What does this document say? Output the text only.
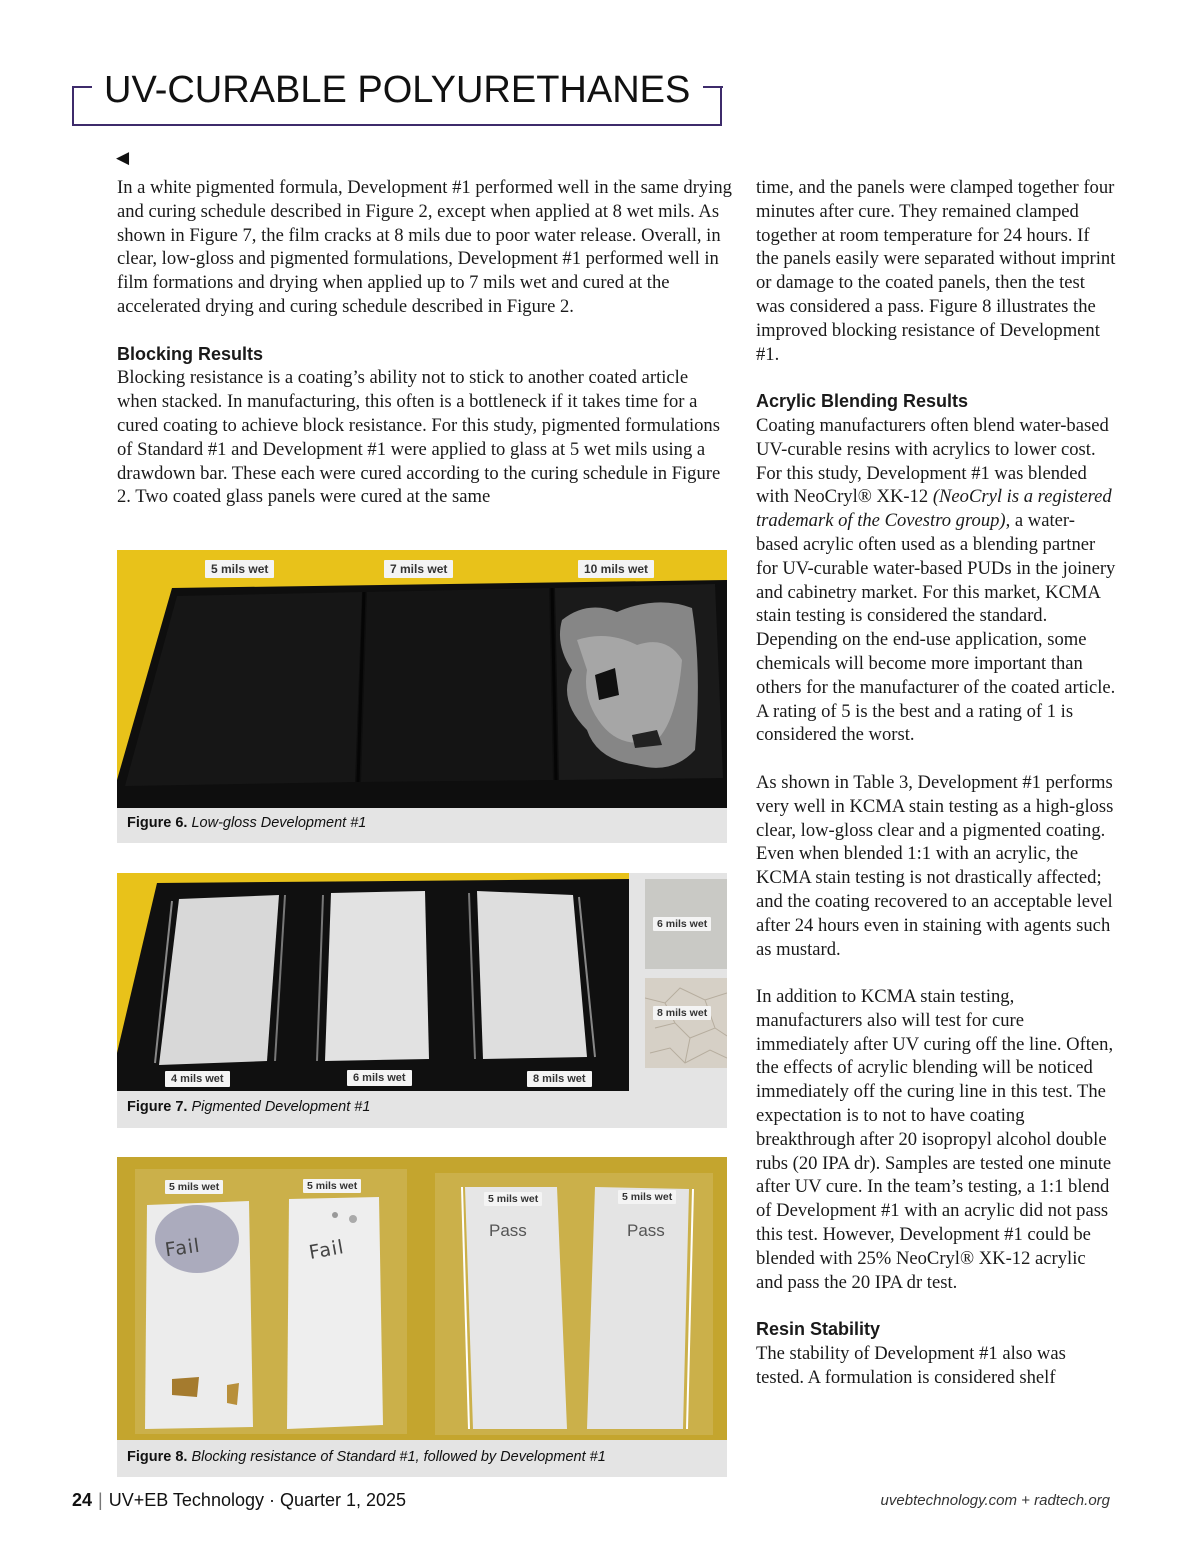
UV-CURABLE POLYURETHANES
◀

In a white pigmented formula, Development #1 performed well in the same drying and curing schedule described in Figure 2, except when applied at 8 wet mils. As shown in Figure 7, the film cracks at 8 mils due to poor water release. Overall, in clear, low-gloss and pigmented formulations, Development #1 performed well in film formations and drying when applied up to 7 mils wet and cured at the accelerated drying and curing schedule described in Figure 2.

Blocking Results

Blocking resistance is a coating’s ability not to stick to another coated article when stacked. In manufacturing, this often is a bottleneck if it takes time for a cured coating to achieve block resistance. For this study, pigmented formulations of Standard #1 and Development #1 were applied to glass at 5 wet mils using a drawdown bar. These each were cured according to the curing schedule in Figure 2. Two coated glass panels were cured at the same

time, and the panels were clamped together four minutes after cure. They remained clamped together at room temperature for 24 hours. If the panels easily were separated without imprint or damage to the coated panels, then the test was considered a pass. Figure 8 illustrates the improved blocking resistance of Development #1.

Acrylic Blending Results

Coating manufacturers often blend water-based UV-curable resins with acrylics to lower cost. For this study, Development #1 was blended with NeoCryl® XK-12 (NeoCryl is a registered trademark of the Covestro group), a water-based acrylic often used as a blending partner for UV-curable water-based PUDs in the joinery and cabinetry market. For this market, KCMA stain testing is considered the standard. Depending on the end-use application, some chemicals will become more important than others for the manufacturer of the coated article. A rating of 5 is the best and a rating of 1 is considered the worst.

As shown in Table 3, Development #1 performs very well in KCMA stain testing as a high-gloss clear, low-gloss clear and a pigmented coating. Even when blended 1:1 with an acrylic, the KCMA stain testing is not drastically affected; and the coating recovered to an acceptable level after 24 hours even in staining with agents such as mustard.

In addition to KCMA stain testing, manufacturers also will test for cure immediately after UV curing off the line. Often, the effects of acrylic blending will be noticed immediately off the curing line in this test. The expectation is to not to have coating breakthrough after 20 isopropyl alcohol double rubs (20 IPA dr). Samples are tested one minute after UV cure. In the team’s testing, a 1:1 blend of Development #1 with an acrylic did not pass this test. However, Development #1 could be blended with 25% NeoCryl® XK-12 acrylic and pass the 20 IPA dr test.

Resin Stability

The stability of Development #1 also was tested. A formulation is considered shelf

5 mils wet	7 mils wet	10 mils wet
Figure 6. Low-gloss Development #1
4 mils wet	6 mils wet	8 mils wet
6 mils wet
8 mils wet
Figure 7. Pigmented Development #1
5 mils wet	5 mils wet
5 mils wet	5 mils wet
Fail	Fail
Pass	Pass
Figure 8. Blocking resistance of Standard #1, followed by Development #1
24 | UV+EB Technology · Quarter 1, 2025	uvebtechnology.com + radtech.org
